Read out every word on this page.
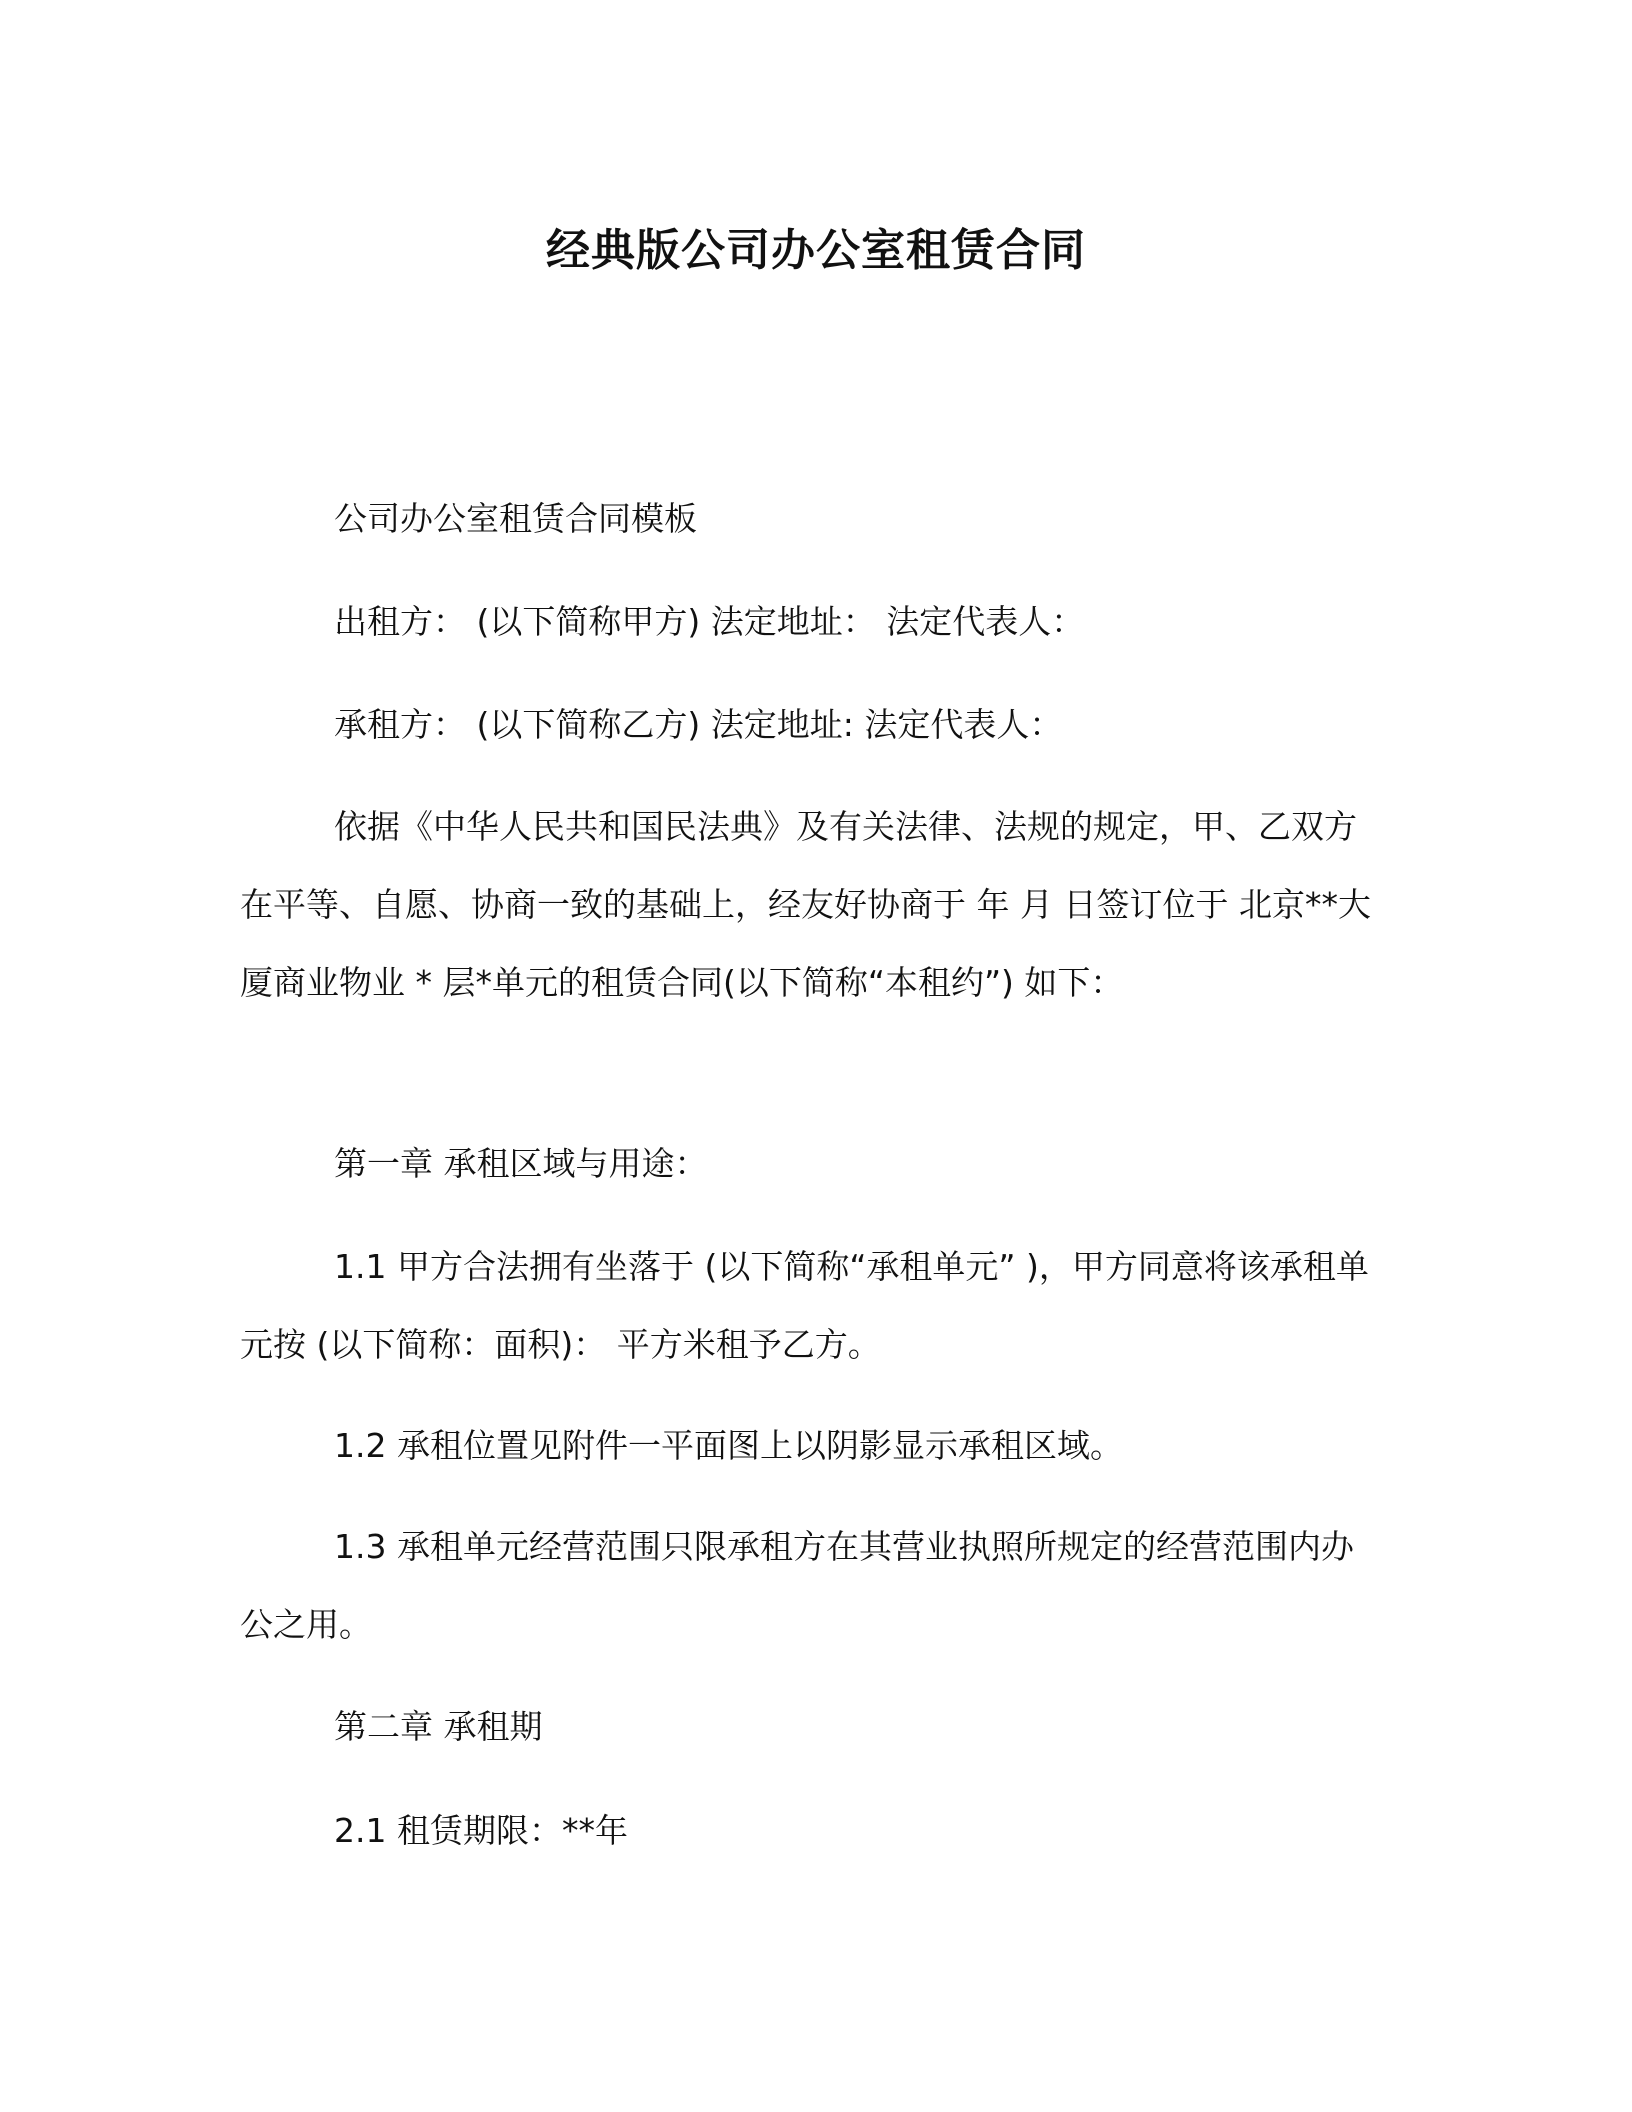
经典版公司办公室租赁合同

公司办公室租赁合同模板

出租方： (以下简称甲方) 法定地址： 法定代表人：

承租方： (以下简称乙方) 法定地址: 法定代表人：

依据《中华人民共和国民法典》及有关法律、法规的规定，甲、乙双方在平等、自愿、协商一致的基础上，经友好协商于 年 月 日签订位于 北京**大厦商业物业 * 层*单元的租赁合同(以下简称“本租约”) 如下：

第一章 承租区域与用途：

1.1 甲方合法拥有坐落于 (以下简称“承租单元” )，甲方同意将该承租单元按 (以下简称：面积)： 平方米租予乙方。

1.2 承租位置见附件一平面图上以阴影显示承租区域。

1.3 承租单元经营范围只限承租方在其营业执照所规定的经营范围内办公之用。

第二章 承租期

2.1 租赁期限：**年
